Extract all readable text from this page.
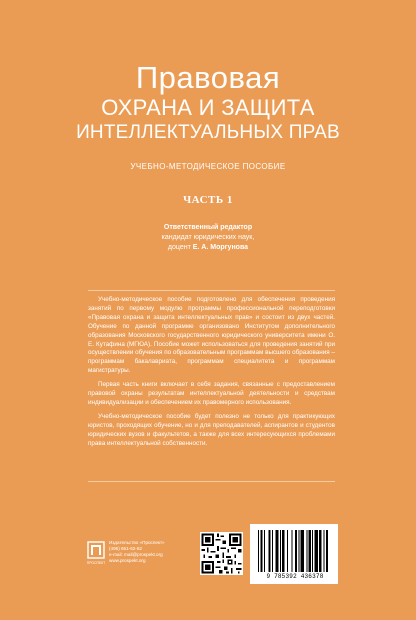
Правовая
ОХРАНА И ЗАЩИТА
ИНТЕЛЛЕКТУАЛЬНЫХ ПРАВ
УЧЕБНО-МЕТОДИЧЕСКОЕ ПОСОБИЕ
ЧАСТЬ 1
Ответственный редактор
кандидат юридических наук,
доцент Е. А. Моргунова

Учебно-методическое пособие подготовлено для обеспечения проведения занятий по первому модулю программы профессиональной переподготовки «Правовая охрана и защита интеллектуальных прав» и состоит из двух частей. Обучение по данной программе организовано Институтом дополнительного образования Московского государственного юридического университета имени О. Е. Кутафина (МГЮА). Пособие может использоваться для проведения занятий при осуществлении обучения по образовательным программам высшего образования – программам бакалавриата, программам специалитета и программам магистратуры.

Первая часть книги включает в себя задания, связанные с предоставлением правовой охраны результатам интеллектуальной деятельности и средствам индивидуализации и обеспечением их правомерного использования.

Учебно-методическое пособие будет полезно не только для практикующих юристов, проходящих обучение, но и для преподавателей, аспирантов и студентов юридических вузов и факультетов, а также для всех интересующихся проблемами права интеллектуальной собственности.

ПРОСПЕКТ
Издательство «Проспект»
(495) 651-62-62
e-mail: mail@prospekt.org
www.prospekt.org
9 785392 436378
